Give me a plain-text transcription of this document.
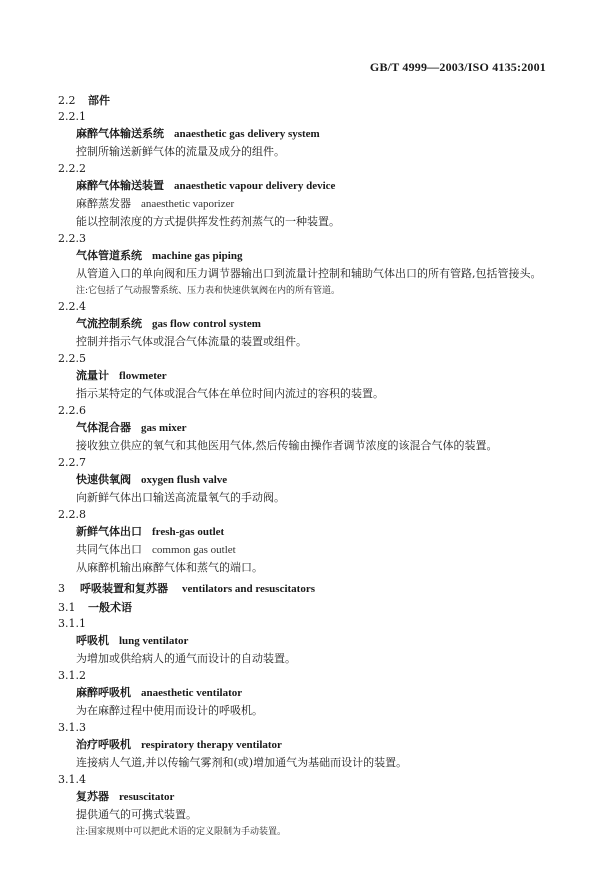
GB/T 4999—2003/ISO 4135:2001
2.2 部件
2.2.1
麻醉气体输送系统 anaesthetic gas delivery system
控制所输送新鲜气体的流量及成分的组件。
2.2.2
麻醉气体输送装置 anaesthetic vapour delivery device
麻醉蒸发器 anaesthetic vaporizer
能以控制浓度的方式提供挥发性药剂蒸气的一种装置。
2.2.3
气体管道系统 machine gas piping
从管道入口的单向阀和压力调节器输出口到流量计控制和辅助气体出口的所有管路,包括管接头。
注:它包括了气动报警系统、压力表和快速供氧阀在内的所有管道。
2.2.4
气流控制系统 gas flow control system
控制并指示气体或混合气体流量的装置或组件。
2.2.5
流量计 flowmeter
指示某特定的气体或混合气体在单位时间内流过的容积的装置。
2.2.6
气体混合器 gas mixer
接收独立供应的氧气和其他医用气体,然后传输由操作者调节浓度的该混合气体的装置。
2.2.7
快速供氧阀 oxygen flush valve
向新鲜气体出口输送高流量氧气的手动阀。
2.2.8
新鲜气体出口 fresh-gas outlet
共同气体出口 common gas outlet
从麻醉机输出麻醉气体和蒸气的端口。
3 呼吸装置和复苏器 ventilators and resuscitators
3.1 一般术语
3.1.1
呼吸机 lung ventilator
为增加或供给病人的通气而设计的自动装置。
3.1.2
麻醉呼吸机 anaesthetic ventilator
为在麻醉过程中使用而设计的呼吸机。
3.1.3
治疗呼吸机 respiratory therapy ventilator
连接病人气道,并以传输气雾剂和(或)增加通气为基础而设计的装置。
3.1.4
复苏器 resuscitator
提供通气的可携式装置。
注:国家规则中可以把此术语的定义限制为手动装置。
